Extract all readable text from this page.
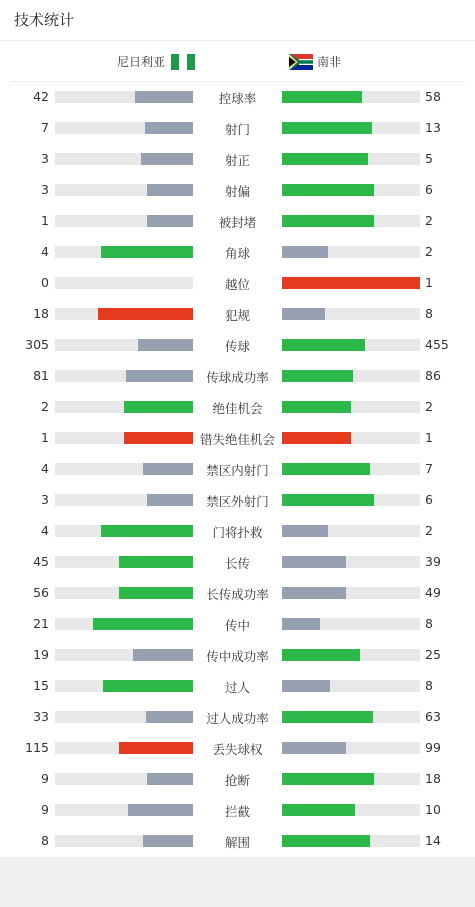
技术统计
尼日利亚	南非
42	控球率	58
7	射门	13
3	射正	5
3	射偏	6
1	被封堵	2
4	角球	2
0	越位	1
18	犯规	8
305	传球	455
81	传球成功率	86
2	绝佳机会	2
1	错失绝佳机会	1
4	禁区内射门	7
3	禁区外射门	6
4	门将扑救	2
45	长传	39
56	长传成功率	49
21	传中	8
19	传中成功率	25
15	过人	8
33	过人成功率	63
115	丢失球权	99
9	抢断	18
9	拦截	10
8	解围	14
